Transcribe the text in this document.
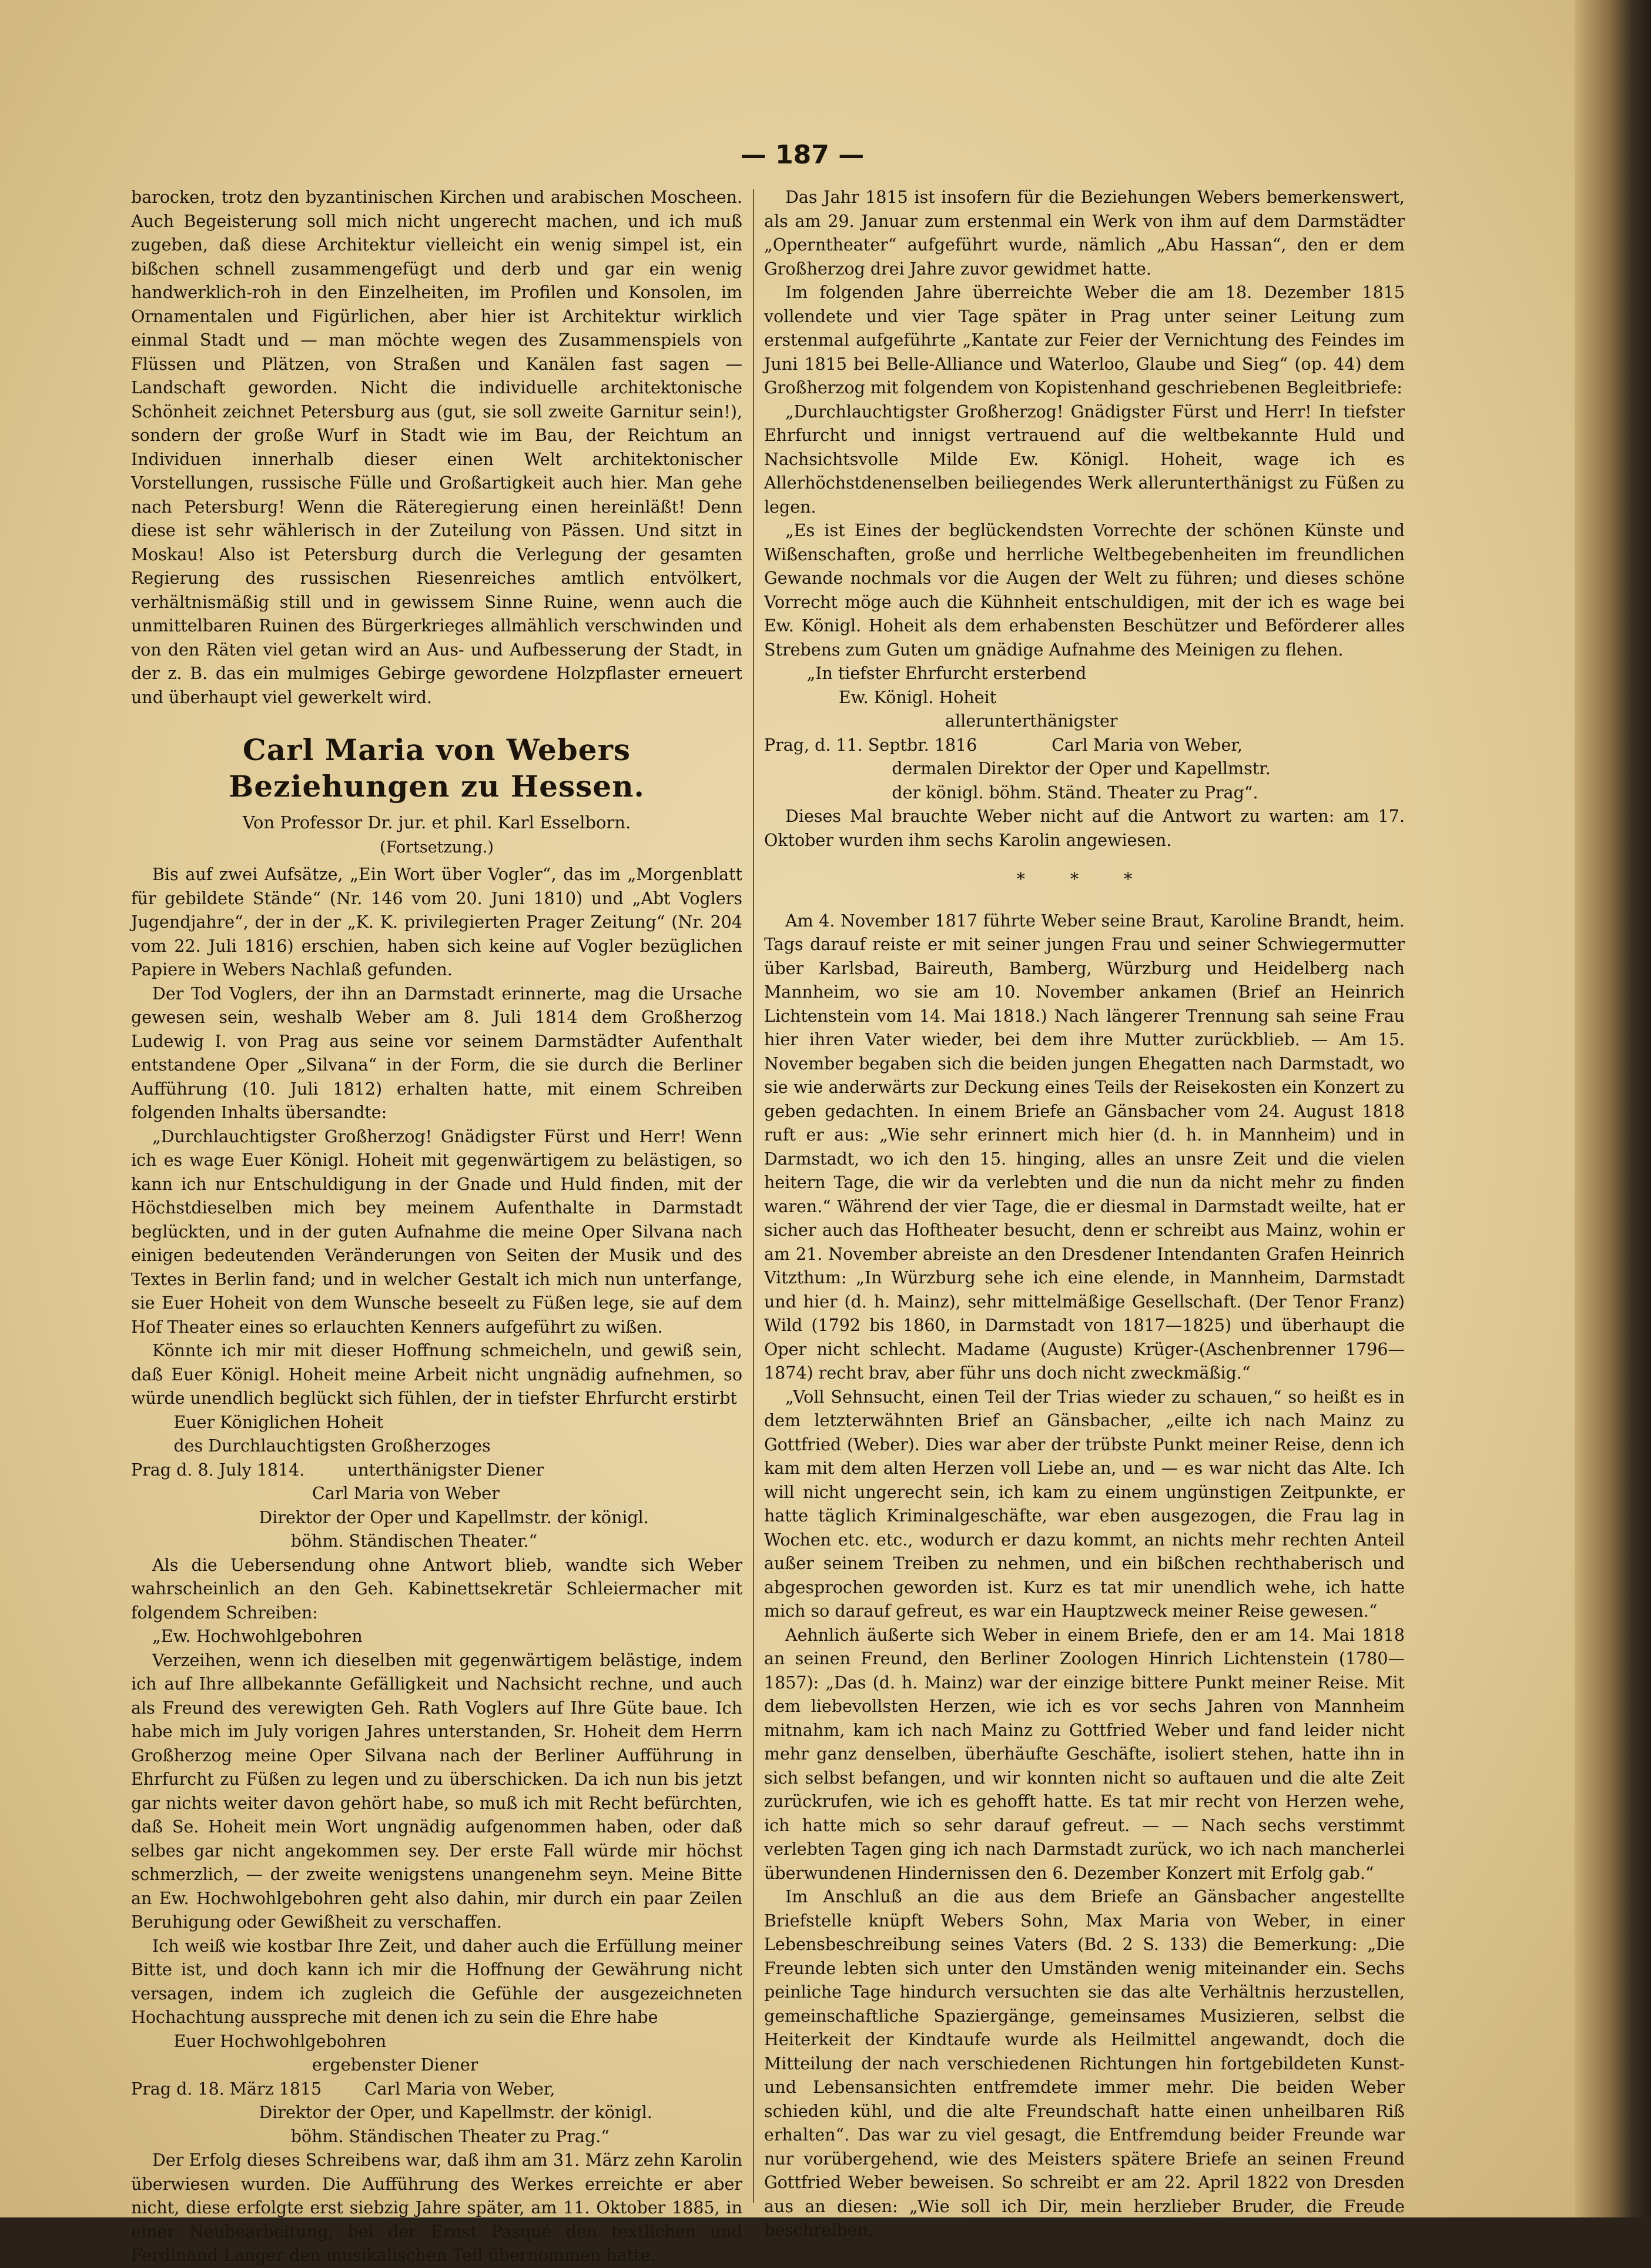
— 187 —

barocken, trotz den byzantinischen Kirchen und arabischen Moscheen. Auch Begeisterung soll mich nicht ungerecht machen, und ich muß zugeben, daß diese Architektur vielleicht ein wenig simpel ist, ein bißchen schnell zusammengefügt und derb und gar ein wenig handwerklich-roh in den Einzelheiten, im Profilen und Konsolen, im Ornamentalen und Figürlichen, aber hier ist Architektur wirklich einmal Stadt und — man möchte wegen des Zusammenspiels von Flüssen und Plätzen, von Straßen und Kanälen fast sagen — Landschaft geworden. Nicht die individuelle architektonische Schönheit zeichnet Petersburg aus (gut, sie soll zweite Garnitur sein!), sondern der große Wurf in Stadt wie im Bau, der Reichtum an Individuen innerhalb dieser einen Welt architektonischer Vorstellungen, russische Fülle und Großartigkeit auch hier. Man gehe nach Petersburg! Wenn die Räteregierung einen hereinläßt! Denn diese ist sehr wählerisch in der Zuteilung von Pässen. Und sitzt in Moskau! Also ist Petersburg durch die Verlegung der gesamten Regierung des russischen Riesenreiches amtlich entvölkert, verhältnismäßig still und in gewissem Sinne Ruine, wenn auch die unmittelbaren Ruinen des Bürgerkrieges allmählich verschwinden und von den Räten viel getan wird an Aus- und Aufbesserung der Stadt, in der z. B. das ein mulmiges Gebirge gewordene Holzpflaster erneuert und überhaupt viel gewerkelt wird.

Carl Maria von Webers Beziehungen zu Hessen.

Von Professor Dr. jur. et phil. Karl Esselborn.

(Fortsetzung.)

Bis auf zwei Aufsätze, „Ein Wort über Vogler“, das im „Morgenblatt für gebildete Stände“ (Nr. 146 vom 20. Juni 1810) und „Abt Voglers Jugendjahre“, der in der „K. K. privilegierten Prager Zeitung“ (Nr. 204 vom 22. Juli 1816) erschien, haben sich keine auf Vogler bezüglichen Papiere in Webers Nachlaß gefunden.

Der Tod Voglers, der ihn an Darmstadt erinnerte, mag die Ursache gewesen sein, weshalb Weber am 8. Juli 1814 dem Großherzog Ludewig I. von Prag aus seine vor seinem Darmstädter Aufenthalt entstandene Oper „Silvana“ in der Form, die sie durch die Berliner Aufführung (10. Juli 1812) erhalten hatte, mit einem Schreiben folgenden Inhalts übersandte:

„Durchlauchtigster Großherzog! Gnädigster Fürst und Herr! Wenn ich es wage Euer Königl. Hoheit mit gegenwärtigem zu belästigen, so kann ich nur Entschuldigung in der Gnade und Huld finden, mit der Höchstdieselben mich bey meinem Aufenthalte in Darmstadt beglückten, und in der guten Aufnahme die meine Oper Silvana nach einigen bedeutenden Veränderungen von Seiten der Musik und des Textes in Berlin fand; und in welcher Gestalt ich mich nun unterfange, sie Euer Hoheit von dem Wunsche beseelt zu Füßen lege, sie auf dem Hof Theater eines so erlauchten Kenners aufgeführt zu wißen.

Könnte ich mir mit dieser Hoffnung schmeicheln, und gewiß sein, daß Euer Königl. Hoheit meine Arbeit nicht ungnädig aufnehmen, so würde unendlich beglückt sich fühlen, der in tiefster Ehrfurcht erstirbt

Euer Königlichen Hoheit
des Durchlauchtigsten Großherzoges
Prag d. 8. July 1814.        unterthänigster Diener
Carl Maria von Weber
Direktor der Oper und Kapellmstr. der königl.
böhm. Ständischen Theater.“

Als die Uebersendung ohne Antwort blieb, wandte sich Weber wahrscheinlich an den Geh. Kabinettsekretär Schleiermacher mit folgendem Schreiben:

„Ew. Hochwohlgebohren

Verzeihen, wenn ich dieselben mit gegenwärtigem belästige, indem ich auf Ihre allbekannte Gefälligkeit und Nachsicht rechne, und auch als Freund des verewigten Geh. Rath Voglers auf Ihre Güte baue. Ich habe mich im July vorigen Jahres unterstanden, Sr. Hoheit dem Herrn Großherzog meine Oper Silvana nach der Berliner Aufführung in Ehrfurcht zu Füßen zu legen und zu überschicken. Da ich nun bis jetzt gar nichts weiter davon gehört habe, so muß ich mit Recht befürchten, daß Se. Hoheit mein Wort ungnädig aufgenommen haben, oder daß selbes gar nicht angekommen sey. Der erste Fall würde mir höchst schmerzlich, — der zweite wenigstens unangenehm seyn. Meine Bitte an Ew. Hochwohlgebohren geht also dahin, mir durch ein paar Zeilen Beruhigung oder Gewißheit zu verschaffen.

Ich weiß wie kostbar Ihre Zeit, und daher auch die Erfüllung meiner Bitte ist, und doch kann ich mir die Hoffnung der Gewährung nicht versagen, indem ich zugleich die Gefühle der ausgezeichneten Hochachtung ausspreche mit denen ich zu sein die Ehre habe

Euer Hochwohlgebohren
ergebenster Diener
Prag d. 18. März 1815        Carl Maria von Weber,
Direktor der Oper, und Kapellmstr. der königl.
böhm. Ständischen Theater zu Prag.“

Der Erfolg dieses Schreibens war, daß ihm am 31. März zehn Karolin überwiesen wurden. Die Aufführung des Werkes erreichte er aber nicht, diese erfolgte erst siebzig Jahre später, am 11. Oktober 1885, in einer Neubearbeitung, bei der Ernst Pasqué den textlichen und Ferdinand Langer den musikalischen Teil übernommen hatte.

Das Jahr 1815 ist insofern für die Beziehungen Webers bemerkenswert, als am 29. Januar zum erstenmal ein Werk von ihm auf dem Darmstädter „Operntheater“ aufgeführt wurde, nämlich „Abu Hassan“, den er dem Großherzog drei Jahre zuvor gewidmet hatte.

Im folgenden Jahre überreichte Weber die am 18. Dezember 1815 vollendete und vier Tage später in Prag unter seiner Leitung zum erstenmal aufgeführte „Kantate zur Feier der Vernichtung des Feindes im Juni 1815 bei Belle-Alliance und Waterloo, Glaube und Sieg“ (op. 44) dem Großherzog mit folgendem von Kopistenhand geschriebenen Begleitbriefe:

„Durchlauchtigster Großherzog! Gnädigster Fürst und Herr! In tiefster Ehrfurcht und innigst vertrauend auf die weltbekannte Huld und Nachsichtsvolle Milde Ew. Königl. Hoheit, wage ich es Allerhöchstdenenselben beiliegendes Werk allerunterthänigst zu Füßen zu legen.

„Es ist Eines der beglückendsten Vorrechte der schönen Künste und Wißenschaften, große und herrliche Weltbegebenheiten im freundlichen Gewande nochmals vor die Augen der Welt zu führen; und dieses schöne Vorrecht möge auch die Kühnheit entschuldigen, mit der ich es wage bei Ew. Königl. Hoheit als dem erhabensten Beschützer und Beförderer alles Strebens zum Guten um gnädige Aufnahme des Meinigen zu flehen.

„In tiefster Ehrfurcht ersterbend
Ew. Königl. Hoheit
allerunterthänigster
Prag, d. 11. Septbr. 1816              Carl Maria von Weber,
dermalen Direktor der Oper und Kapellmstr.
der königl. böhm. Ständ. Theater zu Prag“.

Dieses Mal brauchte Weber nicht auf die Antwort zu warten: am 17. Oktober wurden ihm sechs Karolin angewiesen.

* * *

Am 4. November 1817 führte Weber seine Braut, Karoline Brandt, heim. Tags darauf reiste er mit seiner jungen Frau und seiner Schwiegermutter über Karlsbad, Baireuth, Bamberg, Würzburg und Heidelberg nach Mannheim, wo sie am 10. November ankamen (Brief an Heinrich Lichtenstein vom 14. Mai 1818.) Nach längerer Trennung sah seine Frau hier ihren Vater wieder, bei dem ihre Mutter zurückblieb. — Am 15. November begaben sich die beiden jungen Ehegatten nach Darmstadt, wo sie wie anderwärts zur Deckung eines Teils der Reisekosten ein Konzert zu geben gedachten. In einem Briefe an Gänsbacher vom 24. August 1818 ruft er aus: „Wie sehr erinnert mich hier (d. h. in Mannheim) und in Darmstadt, wo ich den 15. hinging, alles an unsre Zeit und die vielen heitern Tage, die wir da verlebten und die nun da nicht mehr zu finden waren.“ Während der vier Tage, die er diesmal in Darmstadt weilte, hat er sicher auch das Hoftheater besucht, denn er schreibt aus Mainz, wohin er am 21. November abreiste an den Dresdener Intendanten Grafen Heinrich Vitzthum: „In Würzburg sehe ich eine elende, in Mannheim, Darmstadt und hier (d. h. Mainz), sehr mittelmäßige Gesellschaft. (Der Tenor Franz) Wild (1792 bis 1860, in Darmstadt von 1817—1825) und überhaupt die Oper nicht schlecht. Madame (Auguste) Krüger-(Aschenbrenner 1796—1874) recht brav, aber führ uns doch nicht zweckmäßig.“

„Voll Sehnsucht, einen Teil der Trias wieder zu schauen,“ so heißt es in dem letzterwähnten Brief an Gänsbacher, „eilte ich nach Mainz zu Gottfried (Weber). Dies war aber der trübste Punkt meiner Reise, denn ich kam mit dem alten Herzen voll Liebe an, und — es war nicht das Alte. Ich will nicht ungerecht sein, ich kam zu einem ungünstigen Zeitpunkte, er hatte täglich Kriminalgeschäfte, war eben ausgezogen, die Frau lag in Wochen etc. etc., wodurch er dazu kommt, an nichts mehr rechten Anteil außer seinem Treiben zu nehmen, und ein bißchen rechthaberisch und abgesprochen geworden ist. Kurz es tat mir unendlich wehe, ich hatte mich so darauf gefreut, es war ein Hauptzweck meiner Reise gewesen.“

Aehnlich äußerte sich Weber in einem Briefe, den er am 14. Mai 1818 an seinen Freund, den Berliner Zoologen Hinrich Lichtenstein (1780—1857): „Das (d. h. Mainz) war der einzige bittere Punkt meiner Reise. Mit dem liebevollsten Herzen, wie ich es vor sechs Jahren von Mannheim mitnahm, kam ich nach Mainz zu Gottfried Weber und fand leider nicht mehr ganz denselben, überhäufte Geschäfte, isoliert stehen, hatte ihn in sich selbst befangen, und wir konnten nicht so auftauen und die alte Zeit zurückrufen, wie ich es gehofft hatte. Es tat mir recht von Herzen wehe, ich hatte mich so sehr darauf gefreut. — — Nach sechs verstimmt verlebten Tagen ging ich nach Darmstadt zurück, wo ich nach mancherlei überwundenen Hindernissen den 6. Dezember Konzert mit Erfolg gab.“

Im Anschluß an die aus dem Briefe an Gänsbacher angestellte Briefstelle knüpft Webers Sohn, Max Maria von Weber, in einer Lebensbeschreibung seines Vaters (Bd. 2 S. 133) die Bemerkung: „Die Freunde lebten sich unter den Umständen wenig miteinander ein. Sechs peinliche Tage hindurch versuchten sie das alte Verhältnis herzustellen, gemeinschaftliche Spaziergänge, gemeinsames Musizieren, selbst die Heiterkeit der Kindtaufe wurde als Heilmittel angewandt, doch die Mitteilung der nach verschiedenen Richtungen hin fortgebildeten Kunst- und Lebensansichten entfremdete immer mehr. Die beiden Weber schieden kühl, und die alte Freundschaft hatte einen unheilbaren Riß erhalten“. Das war zu viel gesagt, die Entfremdung beider Freunde war nur vorübergehend, wie des Meisters spätere Briefe an seinen Freund Gottfried Weber beweisen. So schreibt er am 22. April 1822 von Dresden aus an diesen: „Wie soll ich Dir, mein herzlieber Bruder, die Freude beschreiben,
